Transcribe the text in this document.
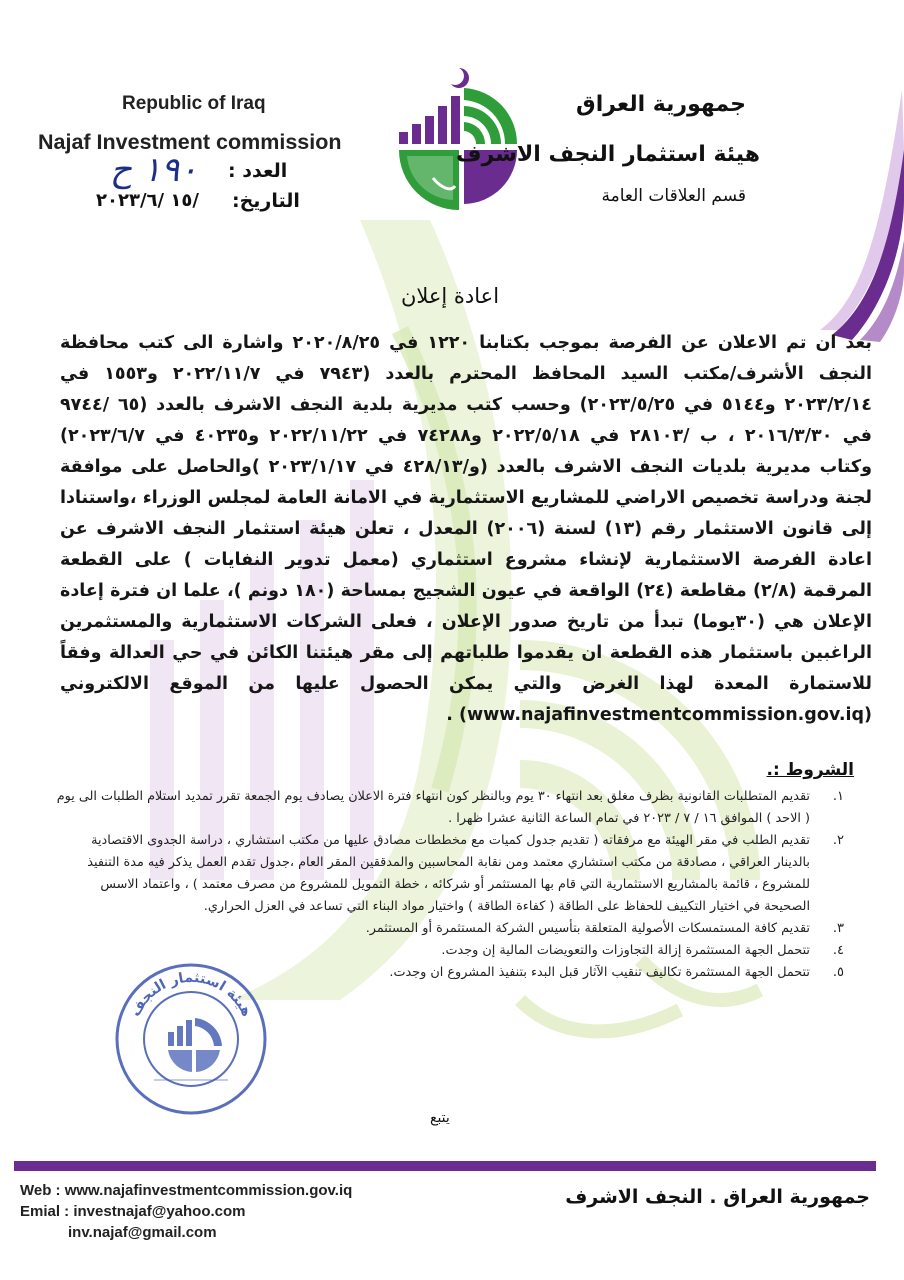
Republic of Iraq
Najaf Investment commission
العدد :
١٩٠ ح
التاريخ:
١٥ /٢٠٢٣/٦/
جمهورية العراق
هيئة استثمار النجف الاشرف
قسم العلاقات العامة
اعادة إعلان

بعد ان تم الاعلان عن الفرصة بموجب بكتابنا ١٢٢٠ في ٢٠٢٠/٨/٢٥ واشارة الى كتب محافظة النجف الأشرف/مكتب السيد المحافظ المحترم بالعدد (٧٩٤٣ في ٢٠٢٢/١١/٧ و١٥٥٣ في ٢٠٢٣/٢/١٤ و٥١٤٤ في ٢٠٢٣/٥/٢٥) وحسب كتب مديرية بلدية النجف الاشرف بالعدد (٦٥ /٩٧٤٤ في ٢٠١٦/٣/٣٠ ، ب /٢٨١٠٣ في ٢٠٢٢/٥/١٨ و٧٤٢٨٨ في ٢٠٢٢/١١/٢٢ و٤٠٢٣٥ في ٢٠٢٣/٦/٧) وكتاب مديرية بلديات النجف الاشرف بالعدد (و/٤٢٨/١٣ في ٢٠٢٣/١/١٧ )والحاصل على موافقة لجنة ودراسة تخصيص الاراضي للمشاريع الاستثمارية في الامانة العامة لمجلس الوزراء ،واستنادا إلى قانون الاستثمار رقم (١٣) لسنة (٢٠٠٦) المعدل ، تعلن هيئة استثمار النجف الاشرف عن اعادة الفرصة الاستثمارية لإنشاء مشروع استثماري (معمل تدوير النفايات ) على القطعة المرقمة (٢/٨) مقاطعة (٢٤) الواقعة في عيون الشجيج بمساحة (١٨٠ دونم )، علما ان فترة إعادة الإعلان هي (٣٠يوما) تبدأ من تاريخ صدور الإعلان ، فعلى الشركات الاستثمارية والمستثمرين الراغبين باستثمار هذه القطعة ان يقدموا طلباتهم إلى مقر هيئتنا الكائن في حي العدالة وفقاً للاستمارة المعدة لهذا الغرض والتي يمكن الحصول عليها من الموقع الالكتروني (www.najafinvestmentcommission.gov.iq) .

الشروط :.
١.
تقديم المتطلبات القانونية بظرف مغلق بعد انتهاء ٣٠ يوم وبالنظر كون انتهاء فترة الاعلان يصادف يوم الجمعة تقرر تمديد استلام الطلبات الى يوم ( الاحد ) الموافق ١٦ / ٧ / ٢٠٢٣ في تمام الساعة الثانية عشرا ظهرا .
٢.
تقديم الطلب في مقر الهيئة مع مرفقاته ( تقديم جدول كميات مع مخططات مصادق عليها من مكتب استشاري ، دراسة الجدوى الاقتصادية بالدينار العراقي ، مصادقة من مكتب استشاري معتمد ومن نقابة المحاسبين والمدققين المقر العام ،جدول تقدم العمل يذكر فيه مدة التنفيذ للمشروع ، قائمة بالمشاريع الاستثمارية التي قام بها المستثمر أو شركائه ، خطة التمويل للمشروع من مصرف معتمد ) ، واعتماد الاسس الصحيحة في اختيار التكييف للحفاظ على الطاقة ( كفاءة الطاقة ) واختيار مواد البناء التي تساعد في العزل الحراري.
٣.
تقديم كافة المستمسكات الأصولية المتعلقة بتأسيس الشركة المستثمرة أو المستثمر.
٤.
تتحمل الجهة المستثمرة إزالة التجاوزات والتعويضات المالية إن وجدت.
٥.
تتحمل الجهة المستثمرة تكاليف تنقيب الآثار قبل البدء بتنفيذ المشروع ان وجدت.
هيئة استثمار النجف
يتبع
Web : www.najafinvestmentcommission.gov.iq
Emial : investnajaf@yahoo.com
inv.najaf@gmail.com
جمهورية العراق . النجف الاشرف
